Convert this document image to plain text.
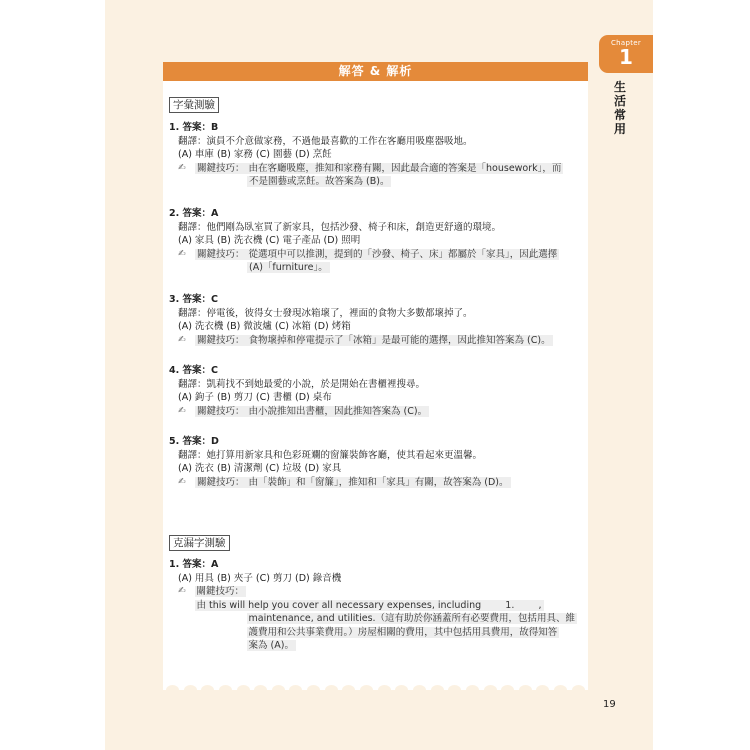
Chapter
1
生活常用
解答 & 解析
字彙測驗
1. 答案：B
翻譯：演員不介意做家務，不過他最喜歡的工作在客廳用吸塵器吸地。
(A) 車庫 (B) 家務 (C) 園藝 (D) 烹飪
✍	關鍵技巧： 由在客廳吸塵，推知和家務有關，因此最合適的答案是「housework」，而
不是園藝或烹飪。故答案為 (B)。
2. 答案：A
翻譯：他們剛為臥室買了新家具，包括沙發、椅子和床，創造更舒適的環境。
(A) 家具 (B) 洗衣機 (C) 電子產品 (D) 照明
✍	關鍵技巧： 從選項中可以推測，提到的「沙發、椅子、床」都屬於「家具」，因此選擇
(A)「furniture」。
3. 答案：C
翻譯：停電後，彼得女士發現冰箱壞了，裡面的食物大多數都壞掉了。
(A) 洗衣機 (B) 微波爐 (C) 冰箱 (D) 烤箱
✍	關鍵技巧： 食物壞掉和停電提示了「冰箱」是最可能的選擇，因此推知答案為 (C)。
4. 答案：C
翻譯：凱莉找不到她最愛的小說，於是開始在書櫃裡搜尋。
(A) 鉤子 (B) 剪刀 (C) 書櫃 (D) 桌布
✍	關鍵技巧： 由小說推知出書櫃，因此推知答案為 (C)。
5. 答案：D
翻譯：她打算用新家具和色彩斑斕的窗簾裝飾客廳，使其看起來更溫馨。
(A) 洗衣 (B) 清潔劑 (C) 垃圾 (D) 家具
✍	關鍵技巧： 由「裝飾」和「窗簾」，推知和「家具」有關，故答案為 (D)。
克漏字測驗
1. 答案：A
(A) 用具 (B) 夾子 (C) 剪刀 (D) 錄音機
✍	關鍵技巧：由 this will help you cover all necessary expenses, including        1.        ,
maintenance, and utilities.（這有助於你涵蓋所有必要費用，包括用具、維
護費用和公共事業費用。）房屋相關的費用，其中包括用具費用，故得知答
案為 (A)。
19
